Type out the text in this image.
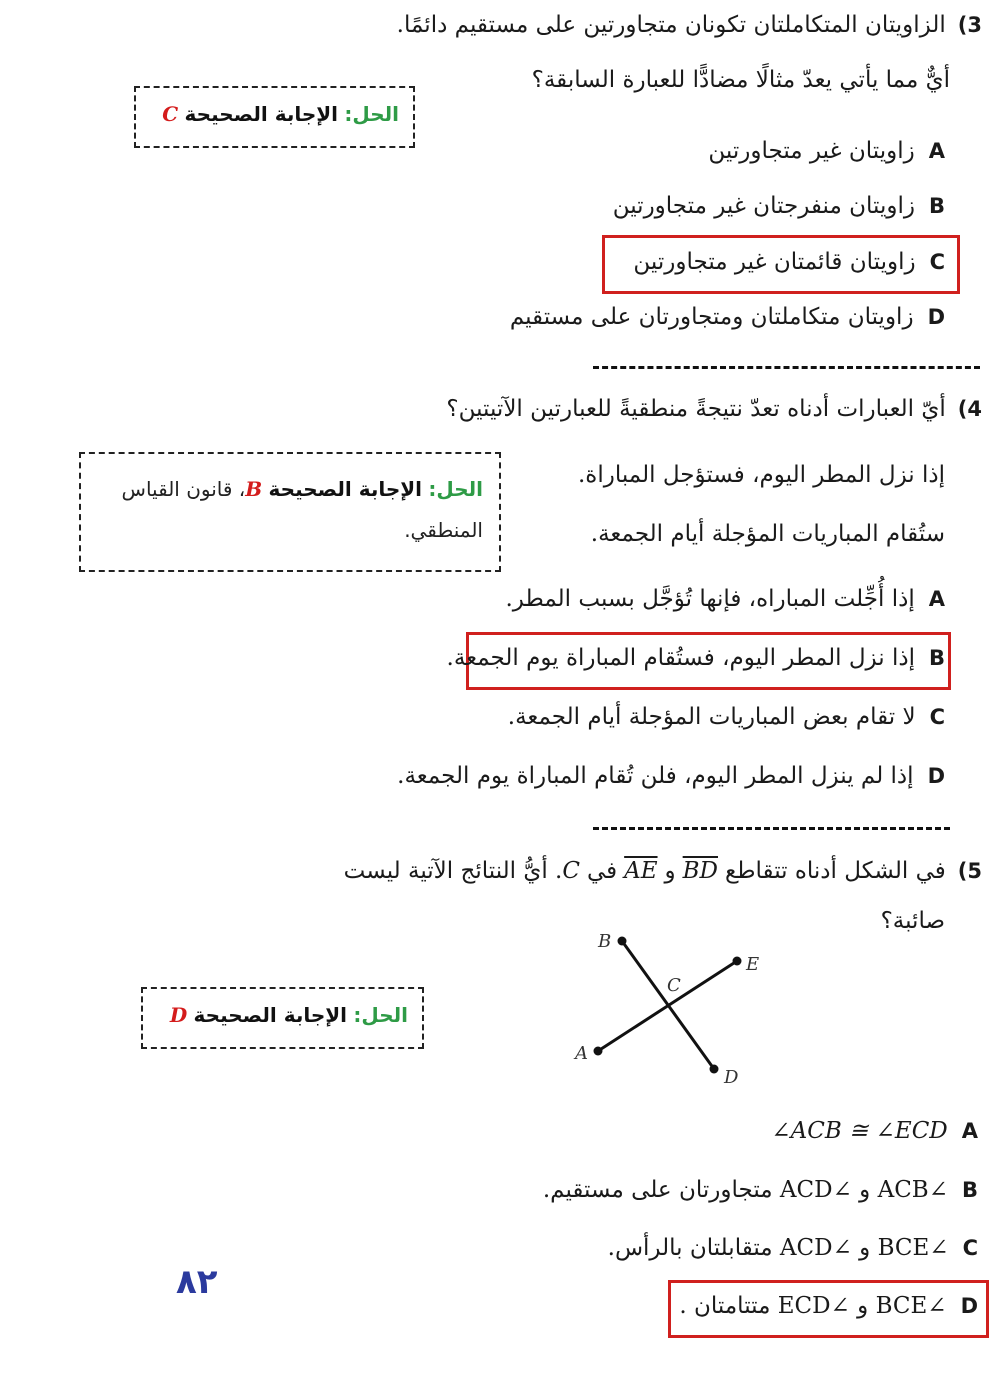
3)
الزاويتان المتكاملتان تكونان متجاورتين على مستقيم دائمًا.
أيٌّ مما يأتي يعدّ مثالًا مضادًّا للعبارة السابقة؟
الحل: الإجابة الصحيحة C
A
زاويتان غير متجاورتين
B
زاويتان منفرجتان غير متجاورتين
C
زاويتان قائمتان غير متجاورتين
D
زاويتان متكاملتان ومتجاورتان على مستقيم
4)
أيّ العبارات أدناه تعدّ نتيجةً منطقيةً للعبارتين الآتيتين؟
إذا نزل المطر اليوم، فستؤجل المباراة.
ستُقام المباريات المؤجلة أيام الجمعة.
الحل: الإجابة الصحيحة B، قانون القياس
المنطقي.
A
إذا أُجِّلت المباراه، فإنها تُؤجَّل بسبب المطر.
B
إذا نزل المطر اليوم، فستُقام المباراة يوم الجمعة.
C
لا تقام بعض المباريات المؤجلة أيام الجمعة.
D
إذا لم ينزل المطر اليوم، فلن تُقام المباراة يوم الجمعة.
5)
في الشكل أدناه تتقاطع
$\overline{BD}$
و
$\overline{AE}$
في
C
. أيُّ النتائج الآتية ليست
صائبة؟
B
E
C
A
D
الحل: الإجابة الصحيحة D
A
∠ACB ≅ ∠ECD
B
∠ACB و ∠ACD متجاورتان على مستقيم.
C
∠BCE و ∠ACD متقابلتان بالرأس.
D
∠BCE و ∠ECD متتامتان .
٨٢
